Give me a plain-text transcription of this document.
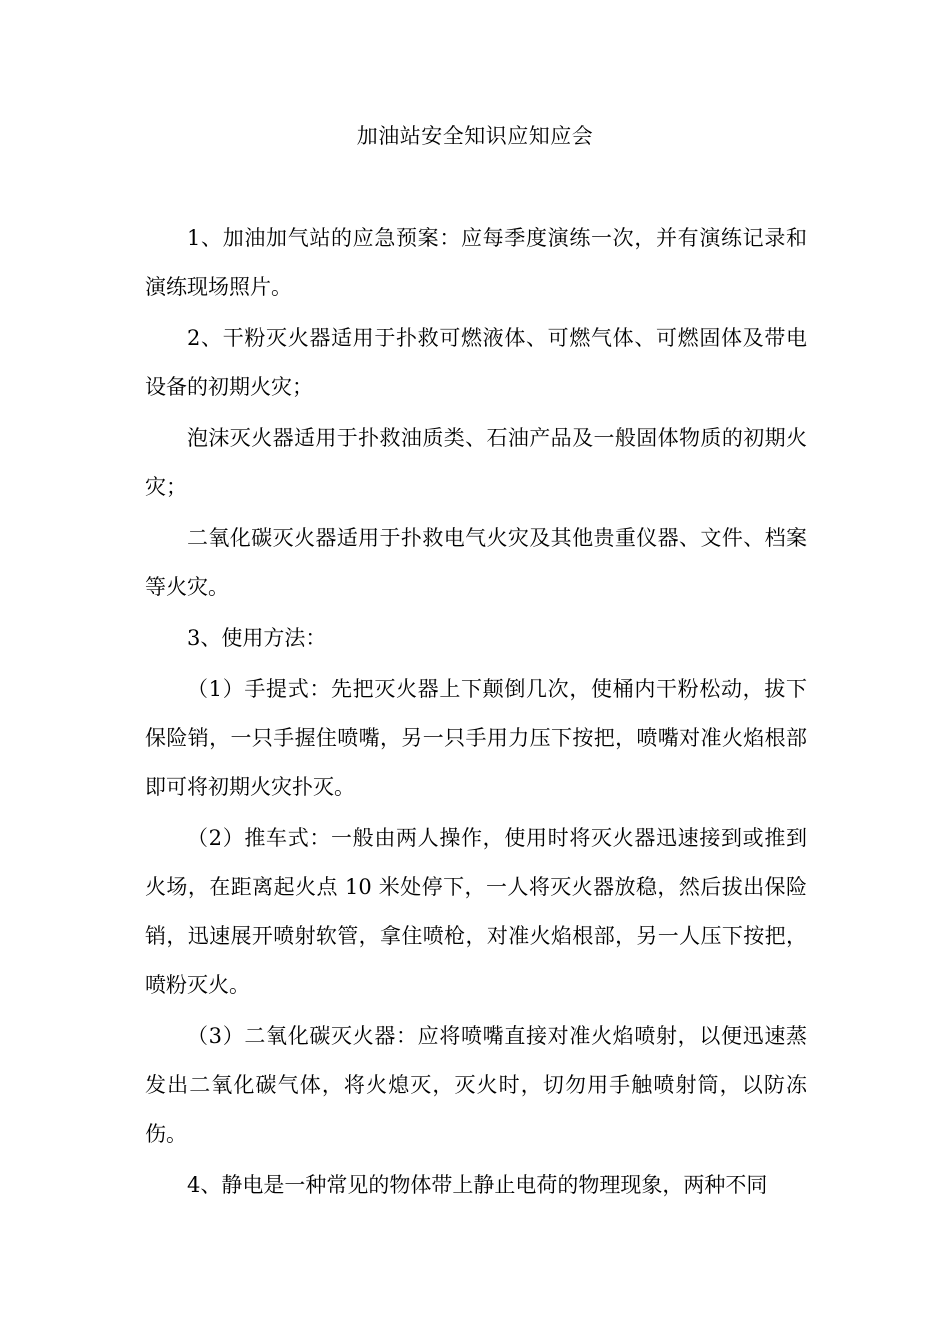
加油站安全知识应知应会

1、加油加气站的应急预案：应每季度演练一次，并有演练记录和演练现场照片。

2、干粉灭火器适用于扑救可燃液体、可燃气体、可燃固体及带电设备的初期火灾；

泡沫灭火器适用于扑救油质类、石油产品及一般固体物质的初期火灾；

二氧化碳灭火器适用于扑救电气火灾及其他贵重仪器、文件、档案等火灾。

3、使用方法：

（1）手提式：先把灭火器上下颠倒几次，使桶内干粉松动，拔下保险销，一只手握住喷嘴，另一只手用力压下按把，喷嘴对准火焰根部即可将初期火灾扑灭。

（2）推车式：一般由两人操作，使用时将灭火器迅速接到或推到火场，在距离起火点 10 米处停下，一人将灭火器放稳，然后拔出保险销，迅速展开喷射软管，拿住喷枪，对准火焰根部，另一人压下按把，喷粉灭火。

（3）二氧化碳灭火器：应将喷嘴直接对准火焰喷射，以便迅速蒸发出二氧化碳气体，将火熄灭，灭火时，切勿用手触喷射筒，以防冻伤。

4、静电是一种常见的物体带上静止电荷的物理现象，两种不同
